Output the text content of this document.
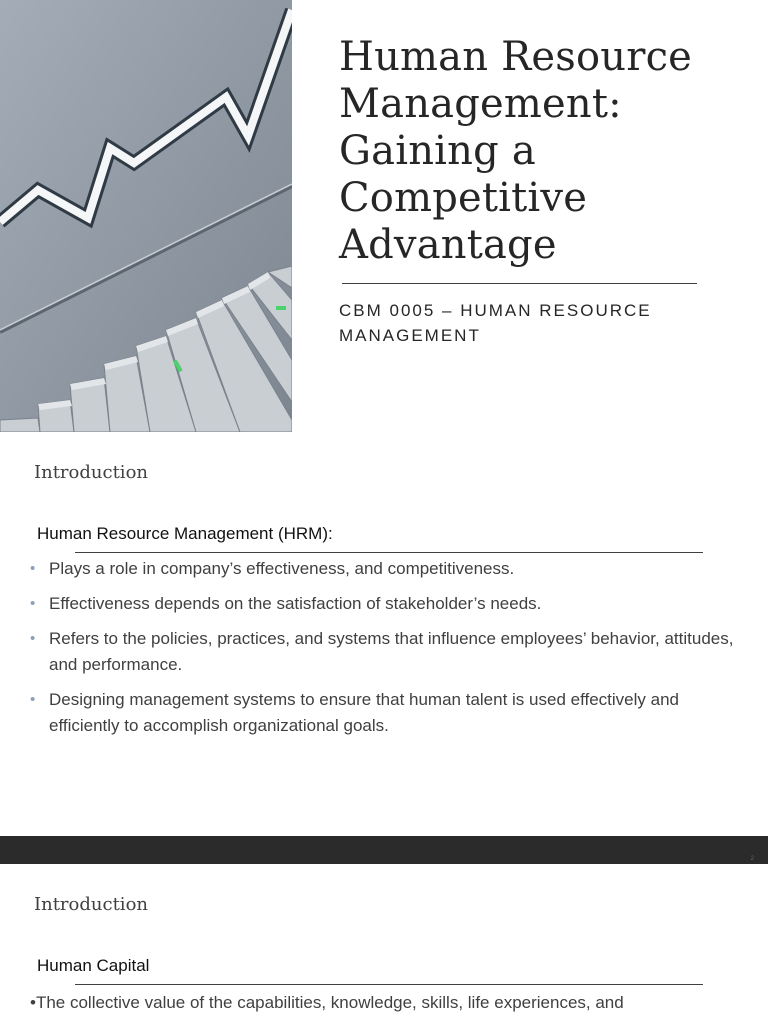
Human Resource Management: Gaining a Competitive Advantage
CBM 0005 – HUMAN RESOURCE MANAGEMENT
Introduction
Human Resource Management (HRM):
• Plays a role in company’s effectiveness, and competitiveness.
• Effectiveness depends on the satisfaction of stakeholder’s needs.
• Refers to the policies, practices, and systems that influence employees’ behavior, attitudes, and performance.
• Designing management systems to ensure that human talent is used effectively and efficiently to accomplish organizational goals.
2
Introduction
Human Capital
•The collective value of the capabilities, knowledge, skills, life experiences, and
